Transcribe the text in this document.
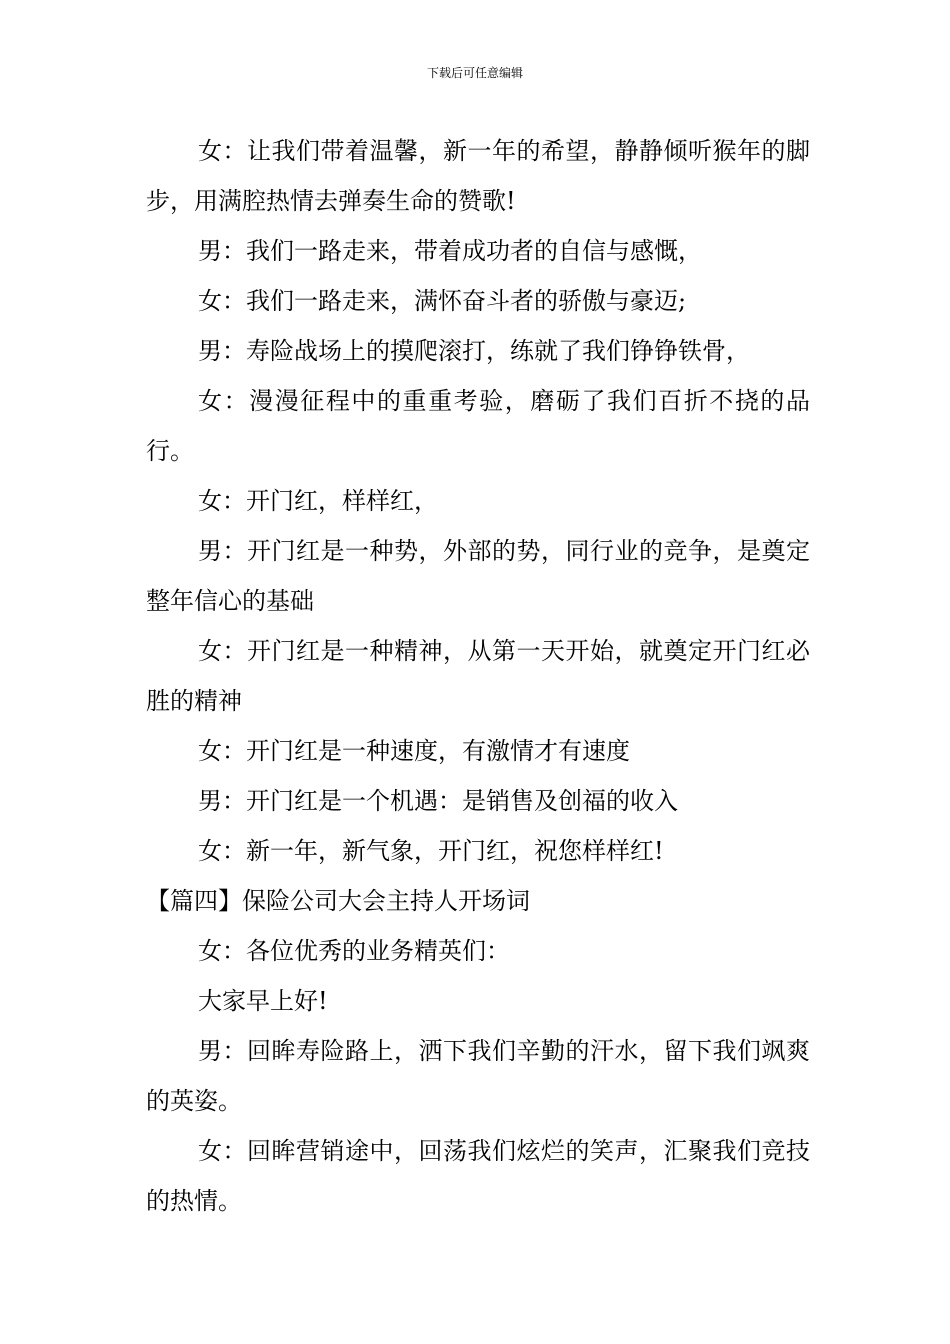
下载后可任意编辑

女：让我们带着温馨，新一年的希望，静静倾听猴年的脚步，用满腔热情去弹奏生命的赞歌!

男：我们一路走来，带着成功者的自信与感慨，

女：我们一路走来，满怀奋斗者的骄傲与豪迈;

男：寿险战场上的摸爬滚打，练就了我们铮铮铁骨，

女：漫漫征程中的重重考验，磨砺了我们百折不挠的品行。

女：开门红，样样红，

男：开门红是一种势，外部的势，同行业的竞争，是奠定整年信心的基础

女：开门红是一种精神，从第一天开始，就奠定开门红必胜的精神

女：开门红是一种速度，有激情才有速度

男：开门红是一个机遇：是销售及创福的收入

女：新一年，新气象，开门红，祝您样样红!

【篇四】保险公司大会主持人开场词

女：各位优秀的业务精英们：

大家早上好!

男：回眸寿险路上，洒下我们辛勤的汗水，留下我们飒爽的英姿。

女：回眸营销途中，回荡我们炫烂的笑声，汇聚我们竞技的热情。
